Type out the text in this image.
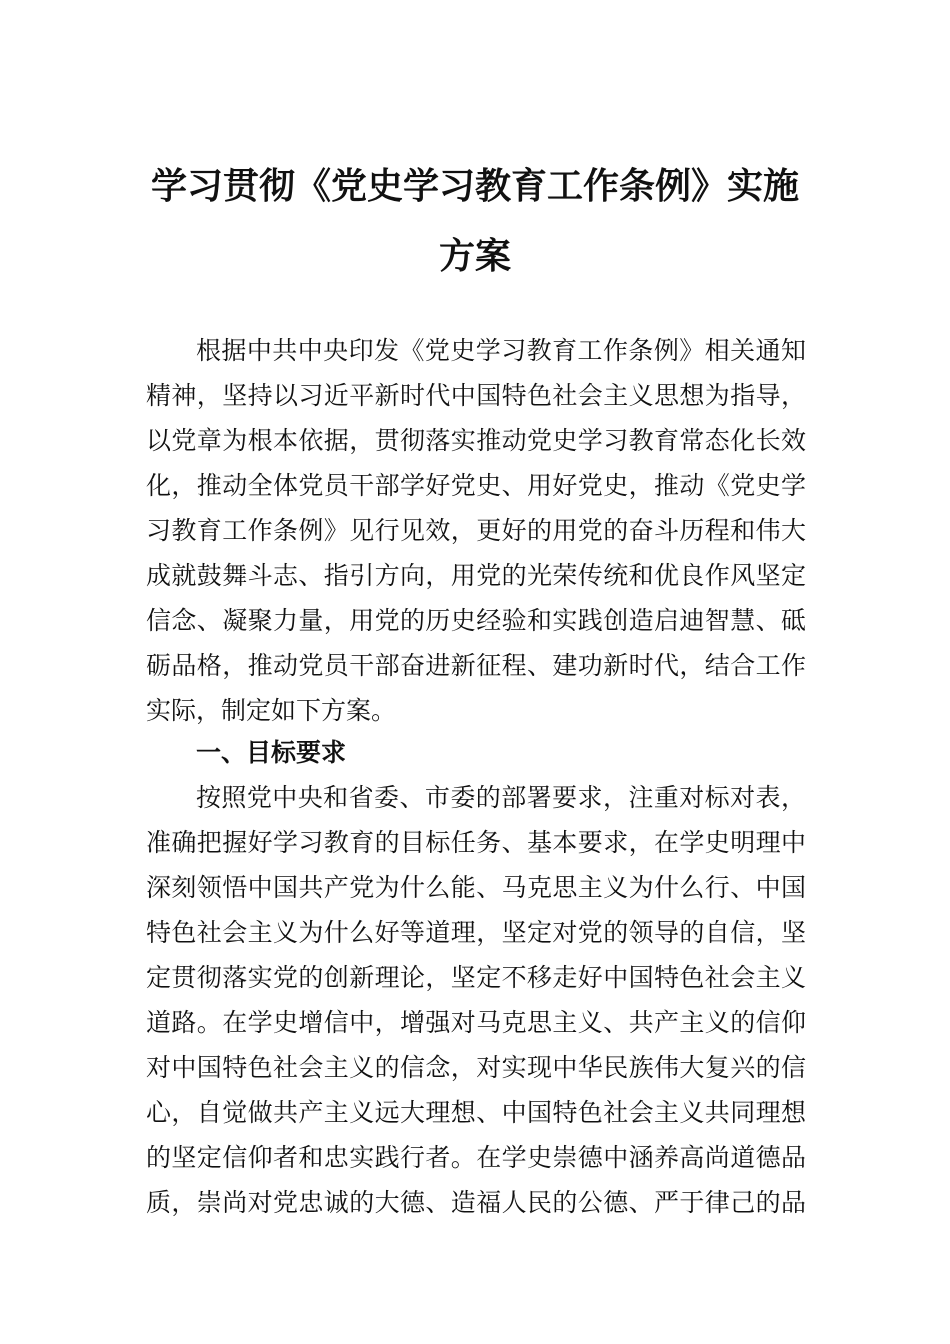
学习贯彻《党史学习教育工作条例》实施
方案
根据中共中央印发《党史学习教育工作条例》相关通知
精神，坚持以习近平新时代中国特色社会主义思想为指导，
以党章为根本依据，贯彻落实推动党史学习教育常态化长效
化，推动全体党员干部学好党史、用好党史，推动《党史学
习教育工作条例》见行见效，更好的用党的奋斗历程和伟大
成就鼓舞斗志、指引方向，用党的光荣传统和优良作风坚定
信念、凝聚力量，用党的历史经验和实践创造启迪智慧、砥
砺品格，推动党员干部奋进新征程、建功新时代，结合工作
实际，制定如下方案。
一、目标要求
按照党中央和省委、市委的部署要求，注重对标对表，
准确把握好学习教育的目标任务、基本要求，在学史明理中
深刻领悟中国共产党为什么能、马克思主义为什么行、中国
特色社会主义为什么好等道理，坚定对党的领导的自信，坚
定贯彻落实党的创新理论，坚定不移走好中国特色社会主义
道路。在学史增信中，增强对马克思主义、共产主义的信仰
对中国特色社会主义的信念，对实现中华民族伟大复兴的信
心，自觉做共产主义远大理想、中国特色社会主义共同理想
的坚定信仰者和忠实践行者。在学史崇德中涵养高尚道德品
质，崇尚对党忠诚的大德、造福人民的公德、严于律己的品
